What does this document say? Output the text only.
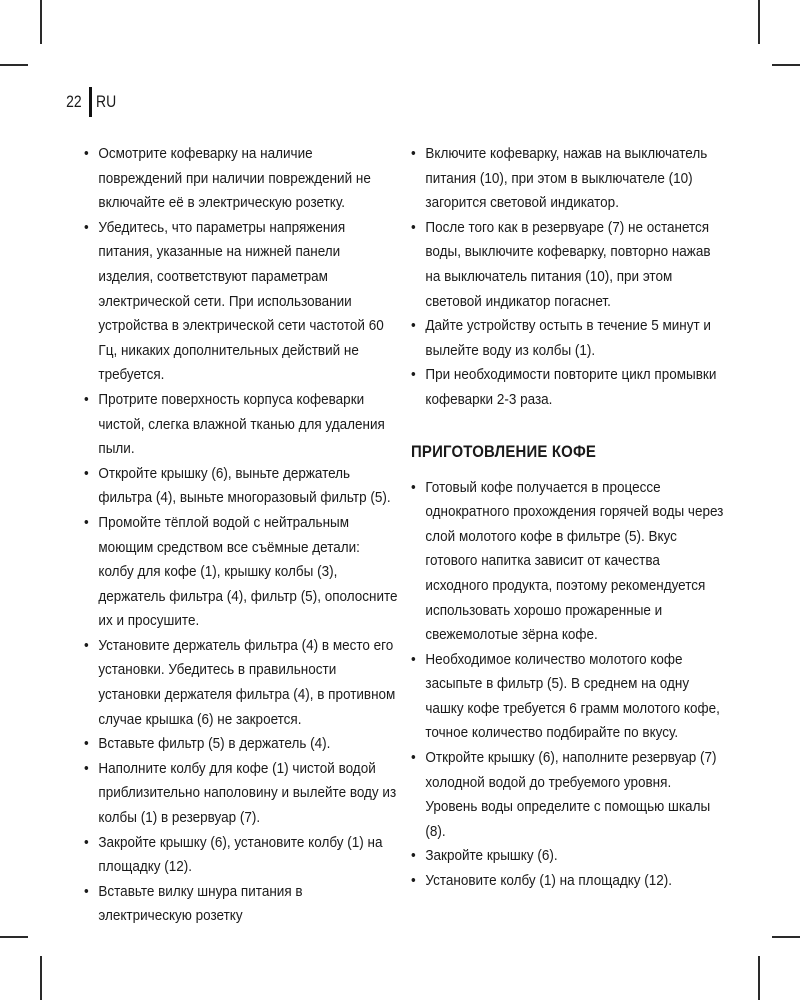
22 RU
• Осмотрите кофеварку на наличие повреждений при наличии повреждений не включайте её в электрическую розетку.
• Убедитесь, что параметры напряжения питания, указанные на нижней панели изделия, соответствуют параметрам электрической сети. При использовании устройства в электрической сети частотой 60 Гц, никаких дополнительных действий не требуется.
• Протрите поверхность корпуса кофеварки чистой, слегка влажной тканью для удаления пыли.
• Откройте крышку (6), выньте держатель фильтра (4), выньте многоразовый фильтр (5).
• Промойте тёплой водой с нейтральным моющим средством все съёмные детали: колбу для кофе (1), крышку колбы (3), держатель фильтра (4), фильтр (5), ополосните их и просушите.
• Установите держатель фильтра (4) в место его установки. Убедитесь в правильности установки держателя фильтра (4), в противном случае крышка (6) не закроется.
• Вставьте фильтр (5) в держатель (4).
• Наполните колбу для кофе (1) чистой водой приблизительно наполовину и вылейте воду из колбы (1) в резервуар (7).
• Закройте крышку (6), установите колбу (1) на площадку (12).
• Вставьте вилку шнура питания в электрическую розетку
• Включите кофеварку, нажав на выключатель питания (10), при этом в выключателе (10) загорится световой индикатор.
• После того как в резервуаре (7) не останется воды, выключите кофеварку, повторно нажав на выключатель питания (10), при этом световой индикатор погаснет.
• Дайте устройству остыть в течение 5 минут и вылейте воду из колбы (1).
• При необходимости повторите цикл промывки кофеварки 2-3 раза.
ПРИГОТОВЛЕНИЕ КОФЕ
• Готовый кофе получается в процессе однократного прохождения горячей воды через слой молотого кофе в фильтре (5). Вкус готового напитка зависит от качества исходного продукта, поэтому рекомендуется использовать хорошо прожаренные и свежемолотые зёрна кофе.
• Необходимое количество молотого кофе засыпьте в фильтр (5). В среднем на одну чашку кофе требуется 6 грамм молотого кофе, точное количество подбирайте по вкусу.
• Откройте крышку (6), наполните резервуар (7) холодной водой до требуемого уровня. Уровень воды определите с помощью шкалы (8).
• Закройте крышку (6).
• Установите колбу (1) на площадку (12).
